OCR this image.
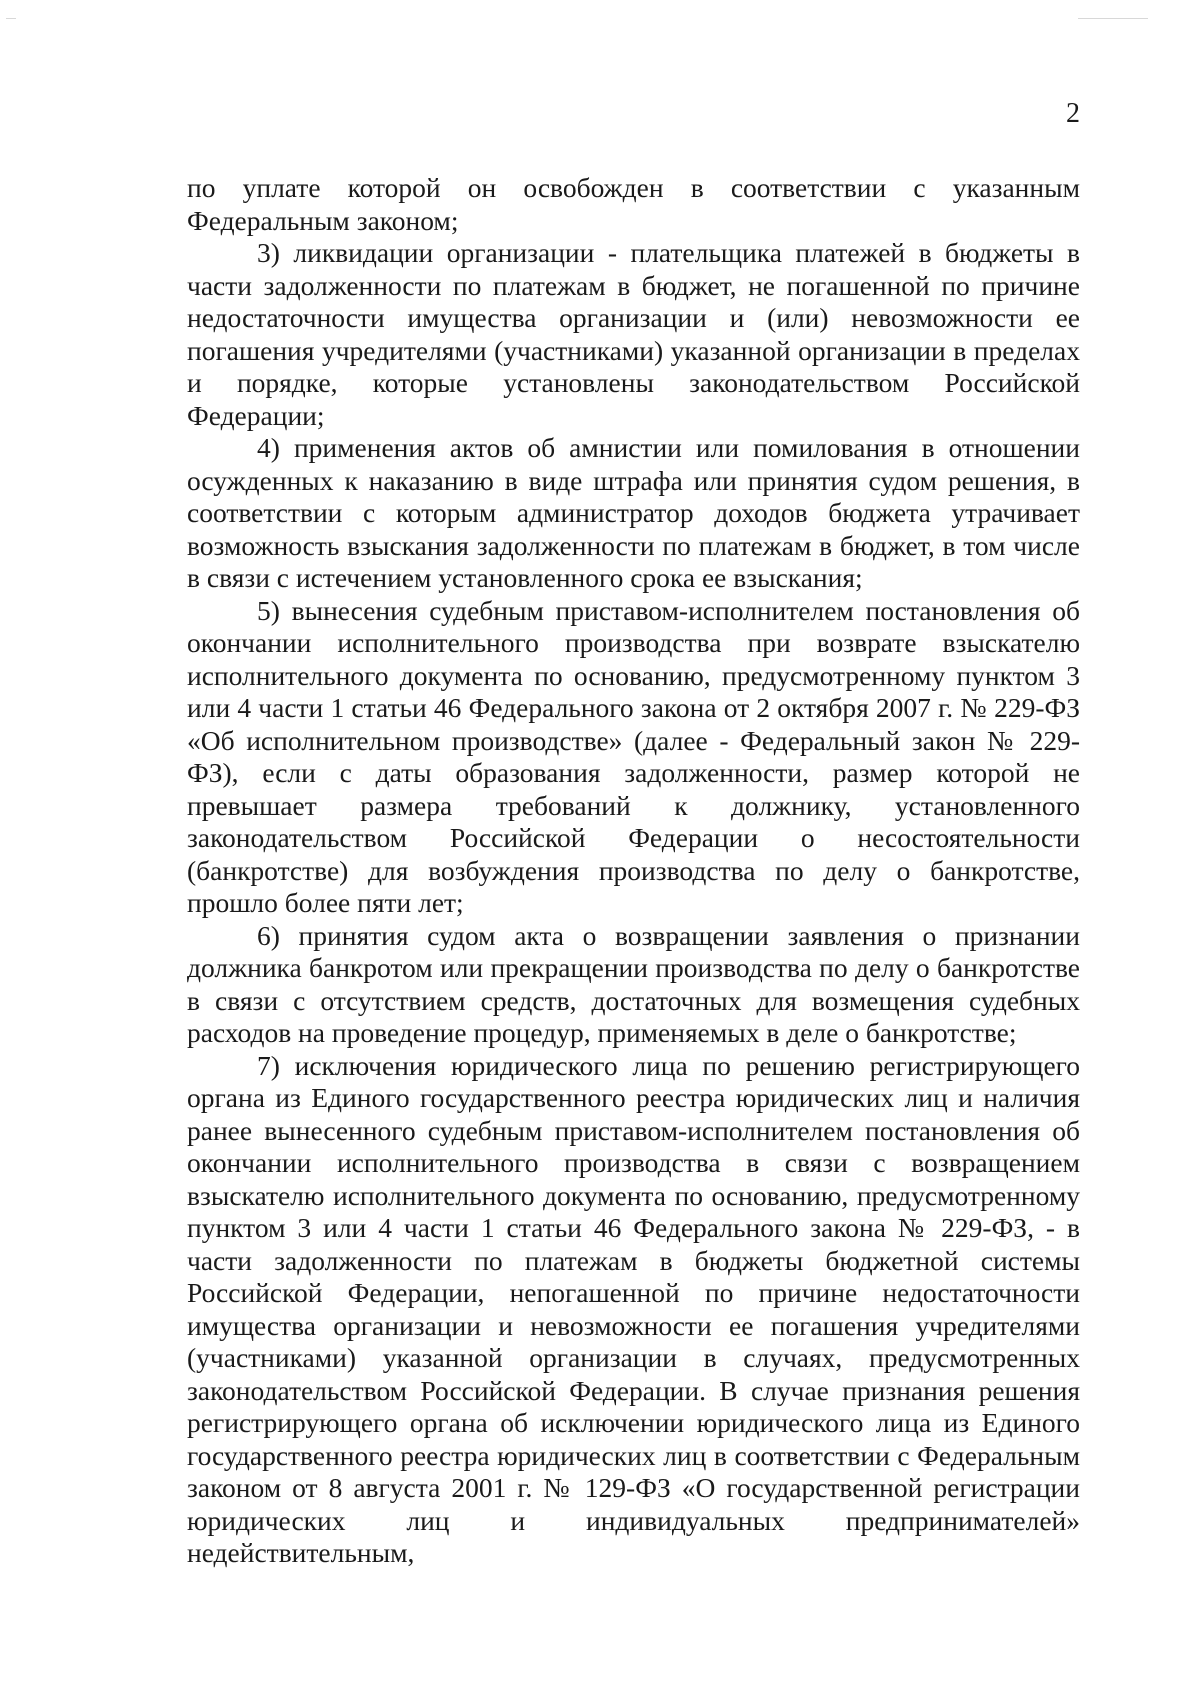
2

по уплате которой он освобожден в соответствии с указанным Федеральным законом;

3) ликвидации организации - плательщика платежей в бюджеты в части задолженности по платежам в бюджет, не погашенной по причине недостаточности имущества организации и (или) невозможности ее погашения учредителями (участниками) указанной организации в пределах и порядке, которые установлены законодательством Российской Федерации;

4) применения актов об амнистии или помилования в отношении осужденных к наказанию в виде штрафа или принятия судом решения, в соответствии с которым администратор доходов бюджета утрачивает возможность взыскания задолженности по платежам в бюджет, в том числе в связи с истечением установленного срока ее взыскания;

5) вынесения судебным приставом-исполнителем постановления об окончании исполнительного производства при возврате взыскателю исполнительного документа по основанию, предусмотренному пунктом 3 или 4 части 1 статьи 46 Федерального закона от 2 октября 2007 г. № 229-ФЗ «Об исполнительном производстве» (далее - Федеральный закон № 229-ФЗ), если с даты образования задолженности, размер которой не превышает размера требований к должнику, установленного законодательством Российской Федерации о несостоятельности (банкротстве) для возбуждения производства по делу о банкротстве, прошло более пяти лет;

6) принятия судом акта о возвращении заявления о признании должника банкротом или прекращении производства по делу о банкротстве в связи с отсутствием средств, достаточных для возмещения судебных расходов на проведение процедур, применяемых в деле о банкротстве;

7) исключения юридического лица по решению регистрирующего органа из Единого государственного реестра юридических лиц и наличия ранее вынесенного судебным приставом-исполнителем постановления об окончании исполнительного производства в связи с возвращением взыскателю исполнительного документа по основанию, предусмотренному пунктом 3 или 4 части 1 статьи 46 Федерального закона № 229-ФЗ, - в части задолженности по платежам в бюджеты бюджетной системы Российской Федерации, непогашенной по причине недостаточности имущества организации и невозможности ее погашения учредителями (участниками) указанной организации в случаях, предусмотренных законодательством Российской Федерации. В случае признания решения регистрирующего органа об исключении юридического лица из Единого государственного реестра юридических лиц в соответствии с Федеральным законом от 8 августа 2001 г. № 129-ФЗ «О государственной регистрации юридических лиц и индивидуальных предпринимателей» недействительным,
